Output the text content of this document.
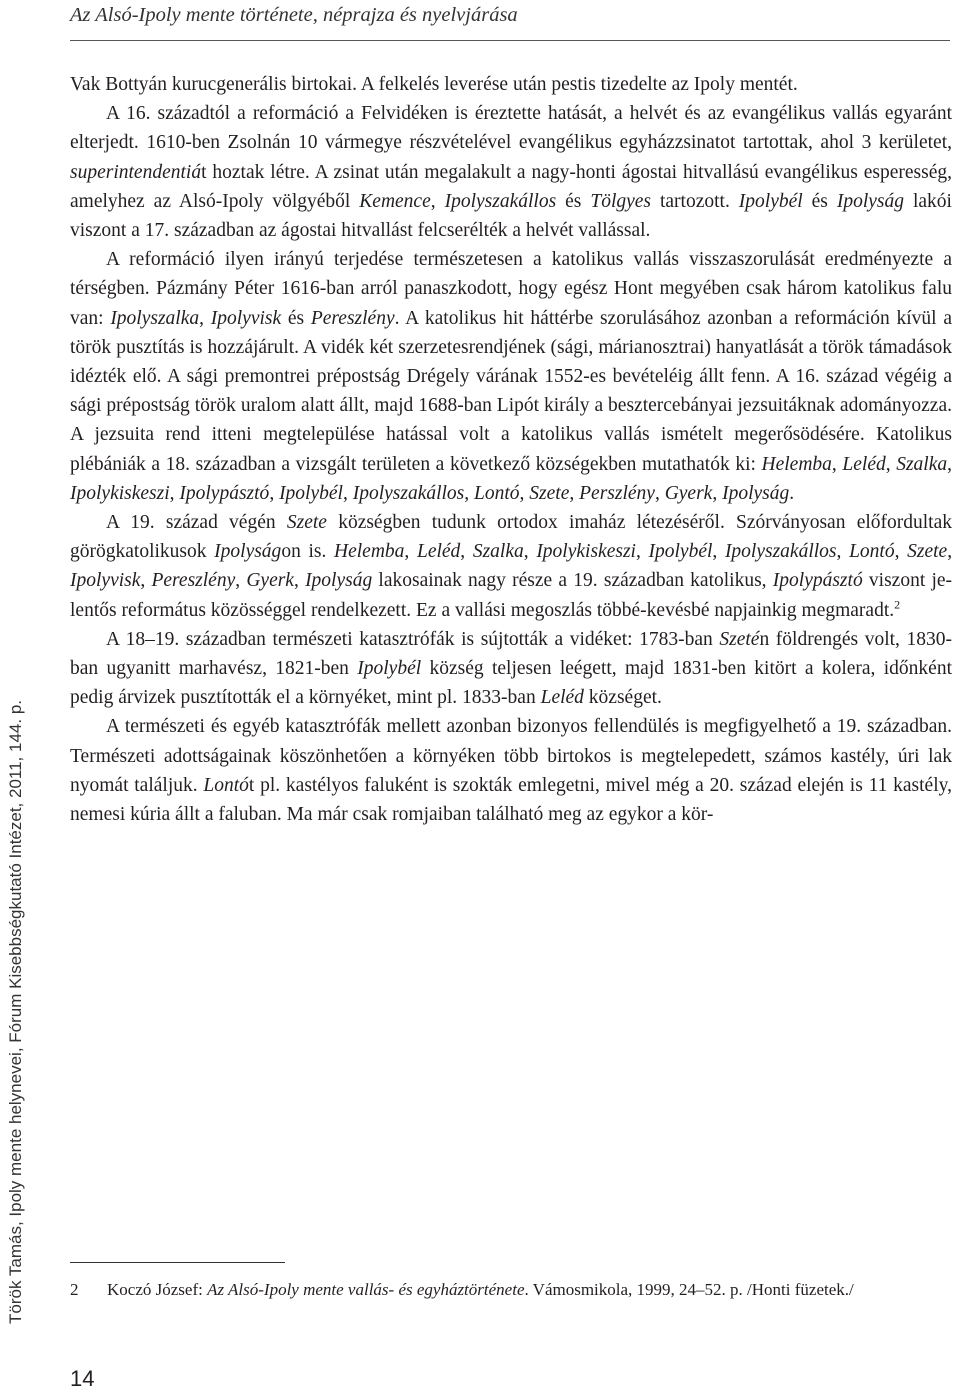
Az Alsó-Ipoly mente története, néprajza és nyelvjárása
Török Tamás, Ipoly mente helynevei, Fórum Kisebbségkutató Intézet, 2011, 144. p.

Vak Bottyán kurucgenerális birtokai. A felkelés leverése után pestis tizedelte az Ipoly mentét.

A 16. századtól a reformáció a Felvidéken is éreztette hatását, a helvét és az evangélikus vallás egyaránt elterjedt. 1610-ben Zsolnán 10 vármegye részvételével evangélikus egyházzsinatot tartottak, ahol 3 kerületet, superintendentiát hoztak létre. A zsinat után megalakult a nagy-honti ágostai hitvallású evangélikus esperesség, amelyhez az Alsó-Ipoly völgyéből Kemence, Ipolyszakállos és Tölgyes tartozott. Ipolybél és Ipolyság lakói viszont a 17. században az ágostai hitvallást felcserélték a helvét vallással.

A reformáció ilyen irányú terjedése természetesen a katolikus vallás visszaszorulását eredményezte a térségben. Pázmány Péter 1616-ban arról panaszkodott, hogy egész Hont megyében csak három katolikus falu van: Ipolyszalka, Ipolyvisk és Pereszlény. A katolikus hit háttérbe szorulásához azonban a reformáción kívül a török pusztítás is hozzájárult. A vidék két szerzetesrendjének (sági, márianosztrai) hanyatlását a török támadások idézték elő. A sági premontrei prépostság Drégely várának 1552-es bevételéig állt fenn. A 16. század végéig a sági prépostság török uralom alatt állt, majd 1688-ban Lipót király a besztercebányai jezsuitáknak adományozza. A jezsuita rend itteni megtelepülése hatással volt a katolikus vallás ismételt megerősödésére. Katolikus plébániák a 18. században a vizsgált területen a következő községekben mutathatók ki: Helemba, Leléd, Szalka, Ipolykiskeszi, Ipolypásztó, Ipolybél, Ipolyszakállos, Lontó, Szete, Perszlény, Gyerk, Ipolyság.

A 19. század végén Szete községben tudunk ortodox imaház létezéséről. Szórványosan előfordultak görögkatolikusok Ipolyságon is. Helemba, Leléd, Szalka, Ipolykiskeszi, Ipolybél, Ipolyszakállos, Lontó, Szete, Ipolyvisk, Pereszlény, Gyerk, Ipolyság lakosainak nagy része a 19. században katolikus, Ipolypásztó viszont jelentős református közösséggel rendelkezett. Ez a vallási megoszlás többé-kevésbé napjainkig megmaradt.$^2$

A 18–19. században természeti katasztrófák is sújtották a vidéket: 1783-ban Szetén földrengés volt, 1830-ban ugyanitt marhavész, 1821-ben Ipolybél község teljesen leégett, majd 1831-ben kitört a kolera, időnként pedig árvizek pusztították el a környéket, mint pl. 1833-ban Leléd községet.

A természeti és egyéb katasztrófák mellett azonban bizonyos fellendülés is megfigyelhető a 19. században. Természeti adottságainak köszönhetően a környéken több birtokos is megtelepedett, számos kastély, úri lak nyomát találjuk. Lontót pl. kastélyos faluként is szokták emlegetni, mivel még a 20. század elején is 11 kastély, nemesi kúria állt a faluban. Ma már csak romjaiban található meg az egykor a kör-

2 Koczó József: Az Alsó-Ipoly mente vallás- és egyháztörténete. Vámosmikola, 1999, 24–52. p. /Honti füzetek./
14
